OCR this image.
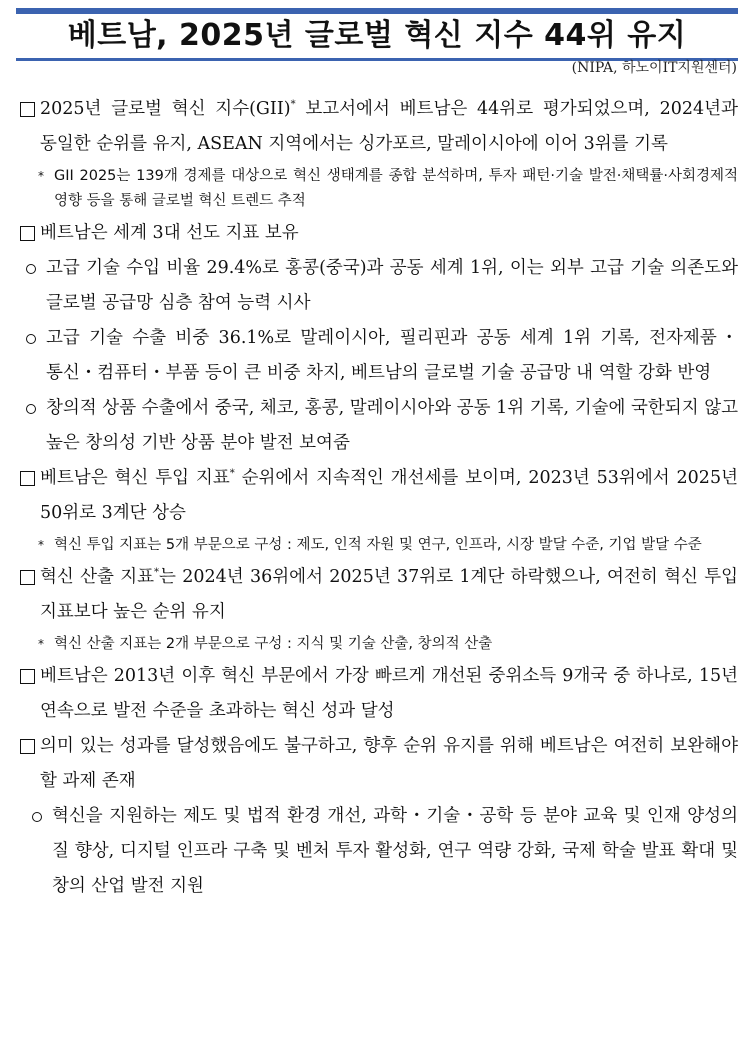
베트남, 2025년 글로벌 혁신 지수 44위 유지
(NIPA, 하노이IT지원센터)
2025년 글로벌 혁신 지수(GII)* 보고서에서 베트남은 44위로 평가되었으며, 2024년과 동일한 순위를 유지, ASEAN 지역에서는 싱가포르, 말레이시아에 이어 3위를 기록
* GII 2025는 139개 경제를 대상으로 혁신 생태계를 종합 분석하며, 투자 패턴·기술 발전·채택률·사회경제적 영향 등을 통해 글로벌 혁신 트렌드 추적
베트남은 세계 3대 선도 지표 보유
고급 기술 수입 비율 29.4%로 홍콩(중국)과 공동 세계 1위, 이는 외부 고급 기술 의존도와 글로벌 공급망 심층 참여 능력 시사
고급 기술 수출 비중 36.1%로 말레이시아, 필리핀과 공동 세계 1위 기록, 전자제품・통신・컴퓨터・부품 등이 큰 비중 차지, 베트남의 글로벌 기술 공급망 내 역할 강화 반영
창의적 상품 수출에서 중국, 체코, 홍콩, 말레이시아와 공동 1위 기록, 기술에 국한되지 않고 높은 창의성 기반 상품 분야 발전 보여줌
베트남은 혁신 투입 지표* 순위에서 지속적인 개선세를 보이며, 2023년 53위에서 2025년 50위로 3계단 상승
* 혁신 투입 지표는 5개 부문으로 구성 : 제도, 인적 자원 및 연구, 인프라, 시장 발달 수준, 기업 발달 수준
혁신 산출 지표*는 2024년 36위에서 2025년 37위로 1계단 하락했으나, 여전히 혁신 투입 지표보다 높은 순위 유지
* 혁신 산출 지표는 2개 부문으로 구성 : 지식 및 기술 산출, 창의적 산출
베트남은 2013년 이후 혁신 부문에서 가장 빠르게 개선된 중위소득 9개국 중 하나로, 15년 연속으로 발전 수준을 초과하는 혁신 성과 달성
의미 있는 성과를 달성했음에도 불구하고, 향후 순위 유지를 위해 베트남은 여전히 보완해야 할 과제 존재
혁신을 지원하는 제도 및 법적 환경 개선, 과학・기술・공학 등 분야 교육 및 인재 양성의 질 향상, 디지털 인프라 구축 및 벤처 투자 활성화, 연구 역량 강화, 국제 학술 발표 확대 및 창의 산업 발전 지원
